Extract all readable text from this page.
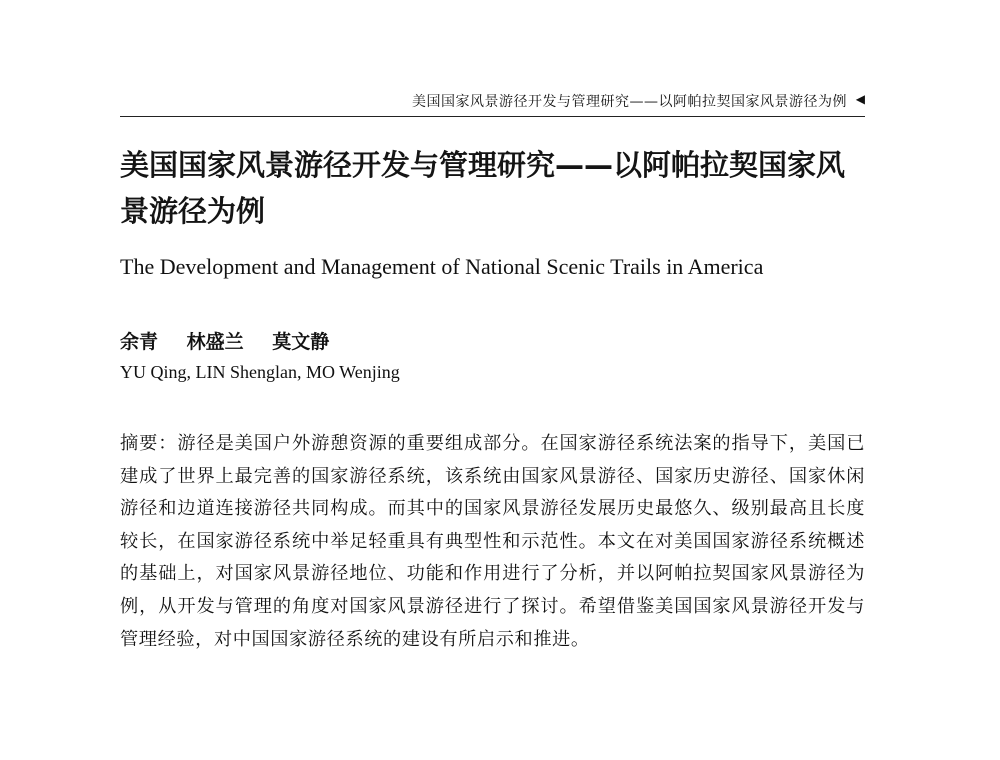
美国国家风景游径开发与管理研究——以阿帕拉契国家风景游径为例 ◀
美国国家风景游径开发与管理研究——以阿帕拉契国家风景游径为例
The Development and Management of National Scenic Trails in America
余青 林盛兰 莫文静
YU Qing, LIN Shenglan, MO Wenjing

摘要：游径是美国户外游憩资源的重要组成部分。在国家游径系统法案的指导下，美国已建成了世界上最完善的国家游径系统，该系统由国家风景游径、国家历史游径、国家休闲游径和边道连接游径共同构成。而其中的国家风景游径发展历史最悠久、级别最高且长度较长，在国家游径系统中举足轻重具有典型性和示范性。本文在对美国国家游径系统概述的基础上，对国家风景游径地位、功能和作用进行了分析，并以阿帕拉契国家风景游径为例，从开发与管理的角度对国家风景游径进行了探讨。希望借鉴美国国家风景游径开发与管理经验，对中国国家游径系统的建设有所启示和推进。
